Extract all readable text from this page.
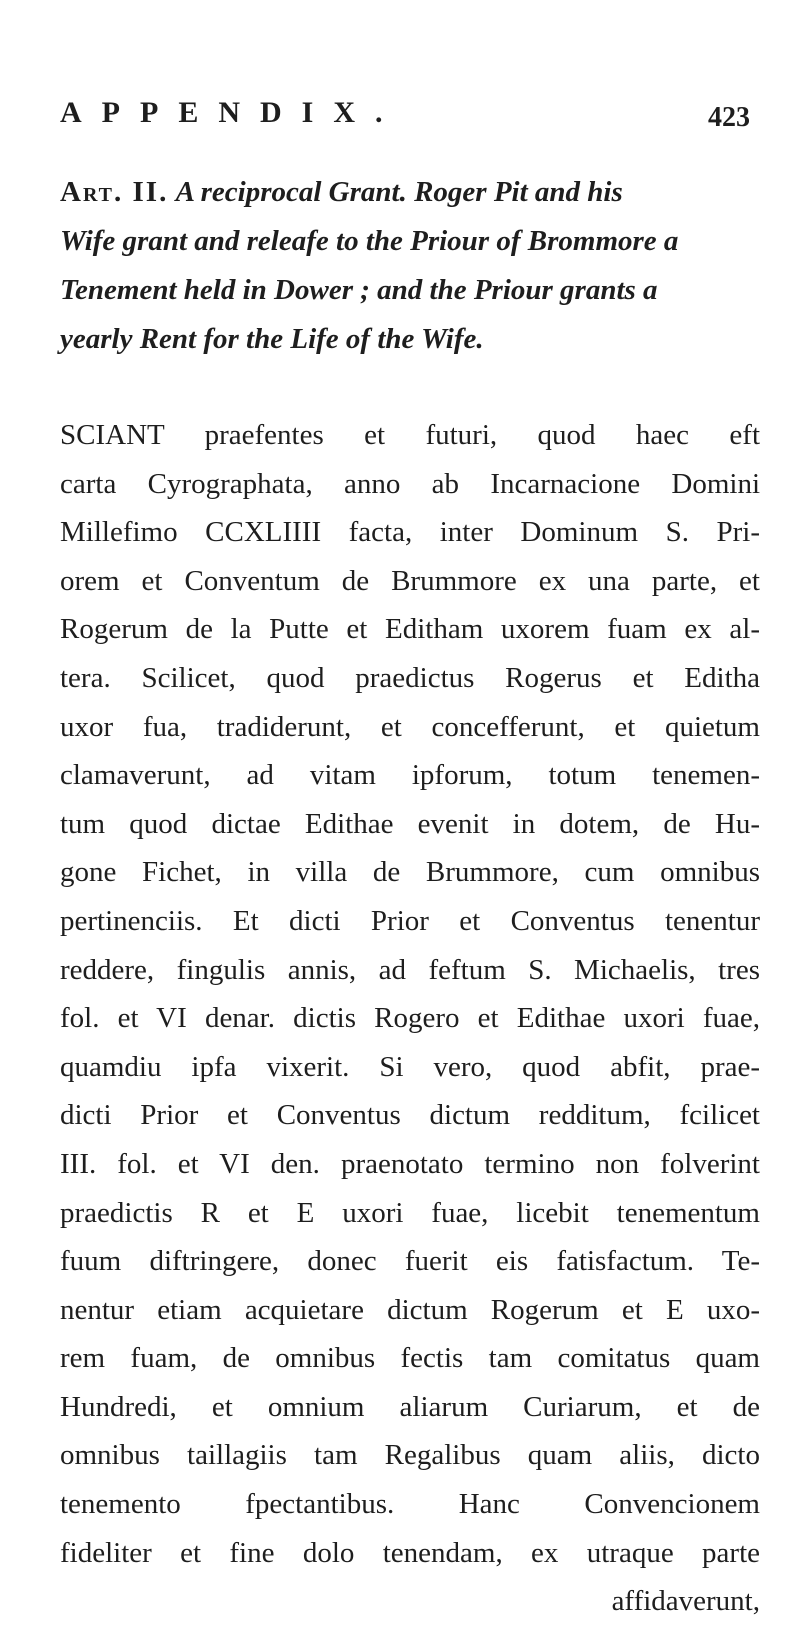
APPENDIX.	423
Art. II. A reciprocal Grant. Roger Pit and his
Wife grant and releafe to the Priour of Brommore a
Tenement held in Dower ; and the Priour grants a
yearly Rent for the Life of the Wife.
SCIANT praefentes et futuri, quod haec eft
carta Cyrographata, anno ab Incarnacione Domini
Millefimo CCXLIIII facta, inter Dominum S. Pri-
orem et Conventum de Brummore ex una parte, et
Rogerum de la Putte et Editham uxorem fuam ex al-
tera. Scilicet, quod praedictus Rogerus et Editha
uxor fua, tradiderunt, et concefferunt, et quietum
clamaverunt, ad vitam ipforum, totum tenemen-
tum quod dictae Edithae evenit in dotem, de Hu-
gone Fichet, in villa de Brummore, cum omnibus
pertinenciis. Et dicti Prior et Conventus tenentur
reddere, fingulis annis, ad feftum S. Michaelis, tres
fol. et VI denar. dictis Rogero et Edithae uxori fuae,
quamdiu ipfa vixerit. Si vero, quod abfit, prae-
dicti Prior et Conventus dictum redditum, fcilicet
III. fol. et VI den. praenotato termino non folverint
praedictis R et E uxori fuae, licebit tenementum
fuum diftringere, donec fuerit eis fatisfactum. Te-
nentur etiam acquietare dictum Rogerum et E uxo-
rem fuam, de omnibus fectis tam comitatus quam
Hundredi, et omnium aliarum Curiarum, et de
omnibus taillagiis tam Regalibus quam aliis, dicto
tenemento fpectantibus. Hanc Convencionem
fideliter et fine dolo tenendam, ex utraque parte
affidaverunt,
